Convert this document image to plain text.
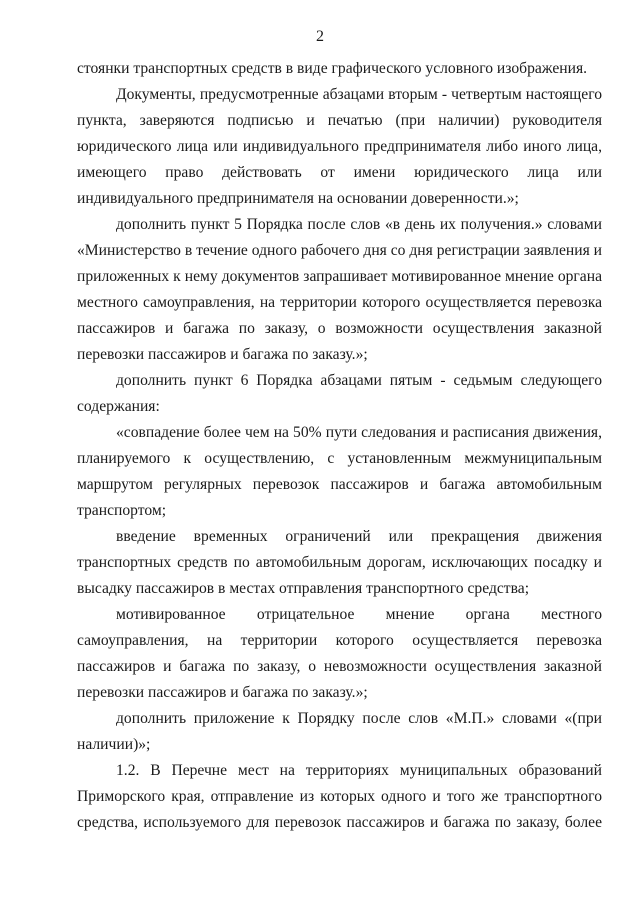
2

стоянки транспортных средств в виде графического условного изображения.

Документы, предусмотренные абзацами вторым - четвертым настоящего пункта, заверяются подписью и печатью (при наличии) руководителя юридического лица или индивидуального предпринимателя либо иного лица, имеющего право действовать от имени юридического лица или индивидуального предпринимателя на основании доверенности.»;

дополнить пункт 5 Порядка после слов «в день их получения.» словами «Министерство в течение одного рабочего дня со дня регистрации заявления и приложенных к нему документов запрашивает мотивированное мнение органа местного самоуправления, на территории которого осуществляется перевозка пассажиров и багажа по заказу, о возможности осуществления заказной перевозки пассажиров и багажа по заказу.»;

дополнить пункт 6 Порядка абзацами пятым - седьмым следующего содержания:

«совпадение более чем на 50% пути следования и расписания движения, планируемого к осуществлению, с установленным межмуниципальным маршрутом регулярных перевозок пассажиров и багажа автомобильным транспортом;

введение временных ограничений или прекращения движения транспортных средств по автомобильным дорогам, исключающих посадку и высадку пассажиров в местах отправления транспортного средства;

мотивированное отрицательное мнение органа местного самоуправления, на территории которого осуществляется перевозка пассажиров и багажа по заказу, о невозможности осуществления заказной перевозки пассажиров и багажа по заказу.»;

дополнить приложение к Порядку после слов «М.П.» словами «(при наличии)»;

1.2. В Перечне мест на территориях муниципальных образований Приморского края, отправление из которых одного и того же транспортного средства, используемого для перевозок пассажиров и багажа по заказу, более
